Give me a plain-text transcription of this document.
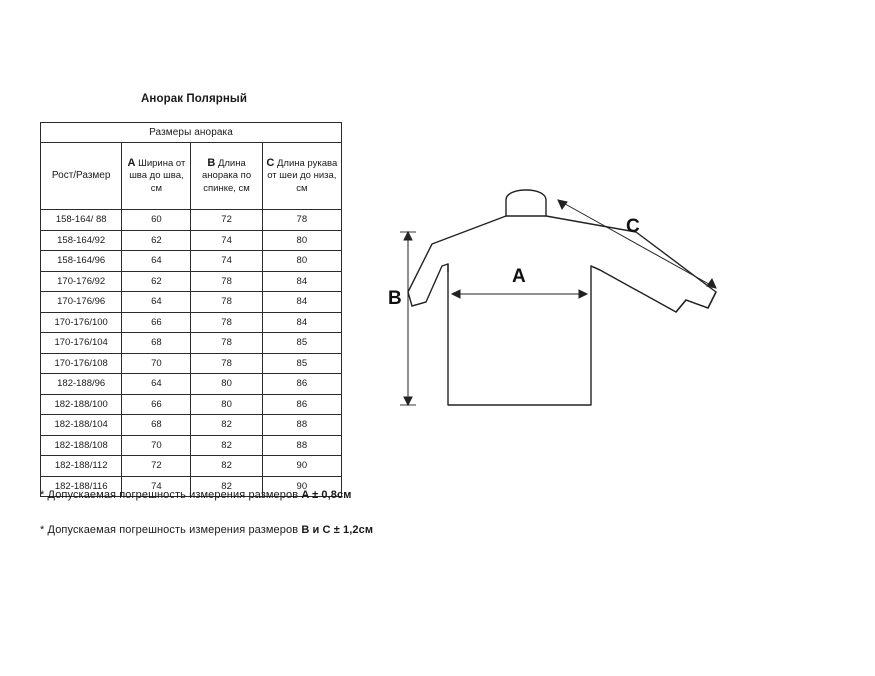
Анорак Полярный
Размеры анорака			
Рост/Размер	A Ширина от шва до шва, см	B Длина анорака по спинке, см	C Длина рукава от шеи до низа, см
158-164/ 88	60	72	78
158-164/92	62	74	80
158-164/96	64	74	80
170-176/92	62	78	84
170-176/96	64	78	84
170-176/100	66	78	84
170-176/104	68	78	85
170-176/108	70	78	85
182-188/96	64	80	86
182-188/100	66	80	86
182-188/104	68	82	88
182-188/108	70	82	88
182-188/112	72	82	90
182-188/116	74	82	90
* Допускаемая погрешность измерения размеров A ± 0,8см
* Допускаемая погрешность измерения размеров B и C ± 1,2см
A
B
C
